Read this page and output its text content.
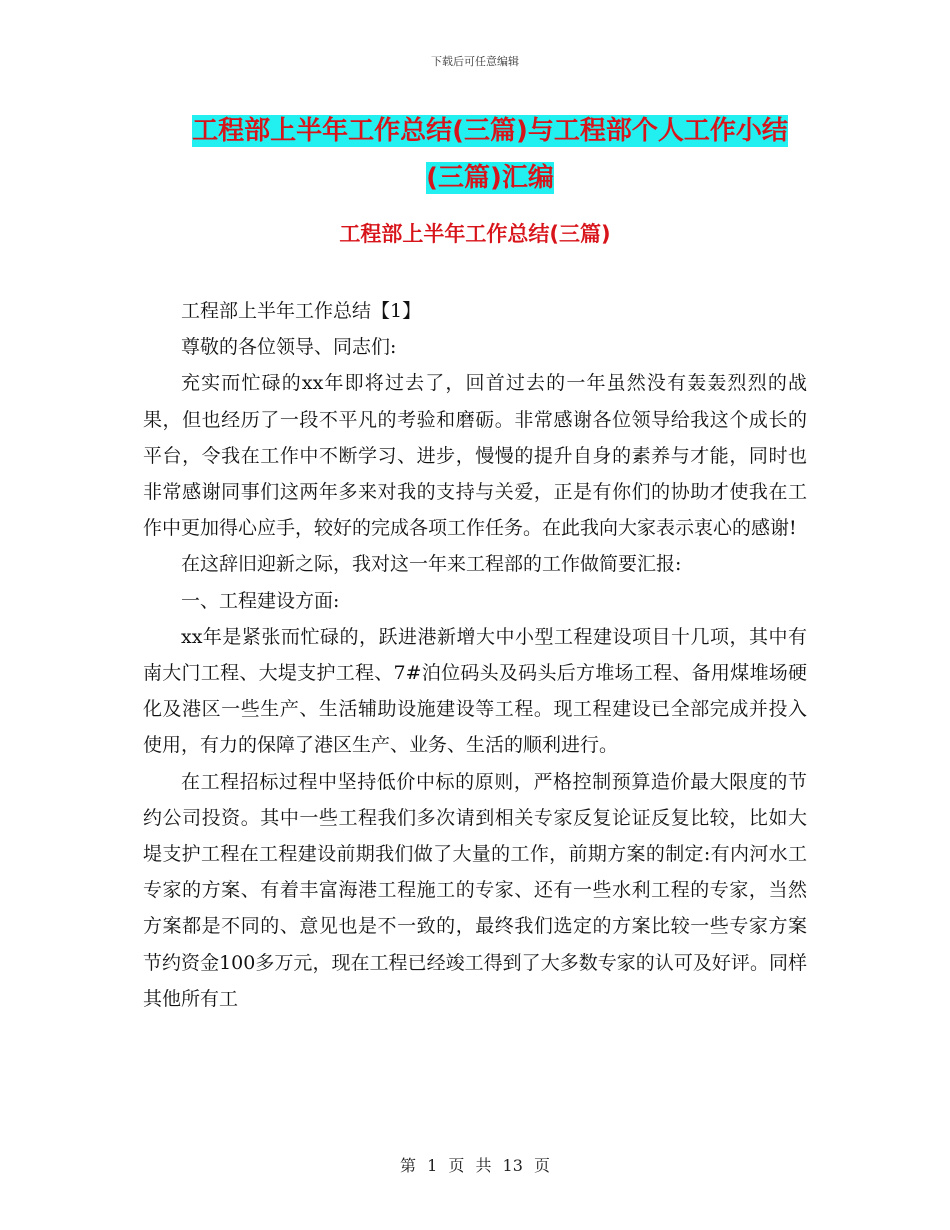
下载后可任意编辑
工程部上半年工作总结(三篇)与工程部个人工作小结
(三篇)汇编
工程部上半年工作总结(三篇)

工程部上半年工作总结【1】

尊敬的各位领导、同志们:

充实而忙碌的xx年即将过去了，回首过去的一年虽然没有轰轰烈烈的战果，但也经历了一段不平凡的考验和磨砺。非常感谢各位领导给我这个成长的平台，令我在工作中不断学习、进步，慢慢的提升自身的素养与才能，同时也非常感谢同事们这两年多来对我的支持与关爱，正是有你们的协助才使我在工作中更加得心应手，较好的完成各项工作任务。在此我向大家表示衷心的感谢!

在这辞旧迎新之际，我对这一年来工程部的工作做简要汇报:

一、工程建设方面:

xx年是紧张而忙碌的，跃进港新增大中小型工程建设项目十几项，其中有南大门工程、大堤支护工程、7#泊位码头及码头后方堆场工程、备用煤堆场硬化及港区一些生产、生活辅助设施建设等工程。现工程建设已全部完成并投入使用，有力的保障了港区生产、业务、生活的顺利进行。

在工程招标过程中坚持低价中标的原则，严格控制预算造价最大限度的节约公司投资。其中一些工程我们多次请到相关专家反复论证反复比较，比如大堤支护工程在工程建设前期我们做了大量的工作，前期方案的制定:有内河水工专家的方案、有着丰富海港工程施工的专家、还有一些水利工程的专家，当然方案都是不同的、意见也是不一致的，最终我们选定的方案比较一些专家方案节约资金100多万元，现在工程已经竣工得到了大多数专家的认可及好评。同样其他所有工

第 1 页 共 13 页
